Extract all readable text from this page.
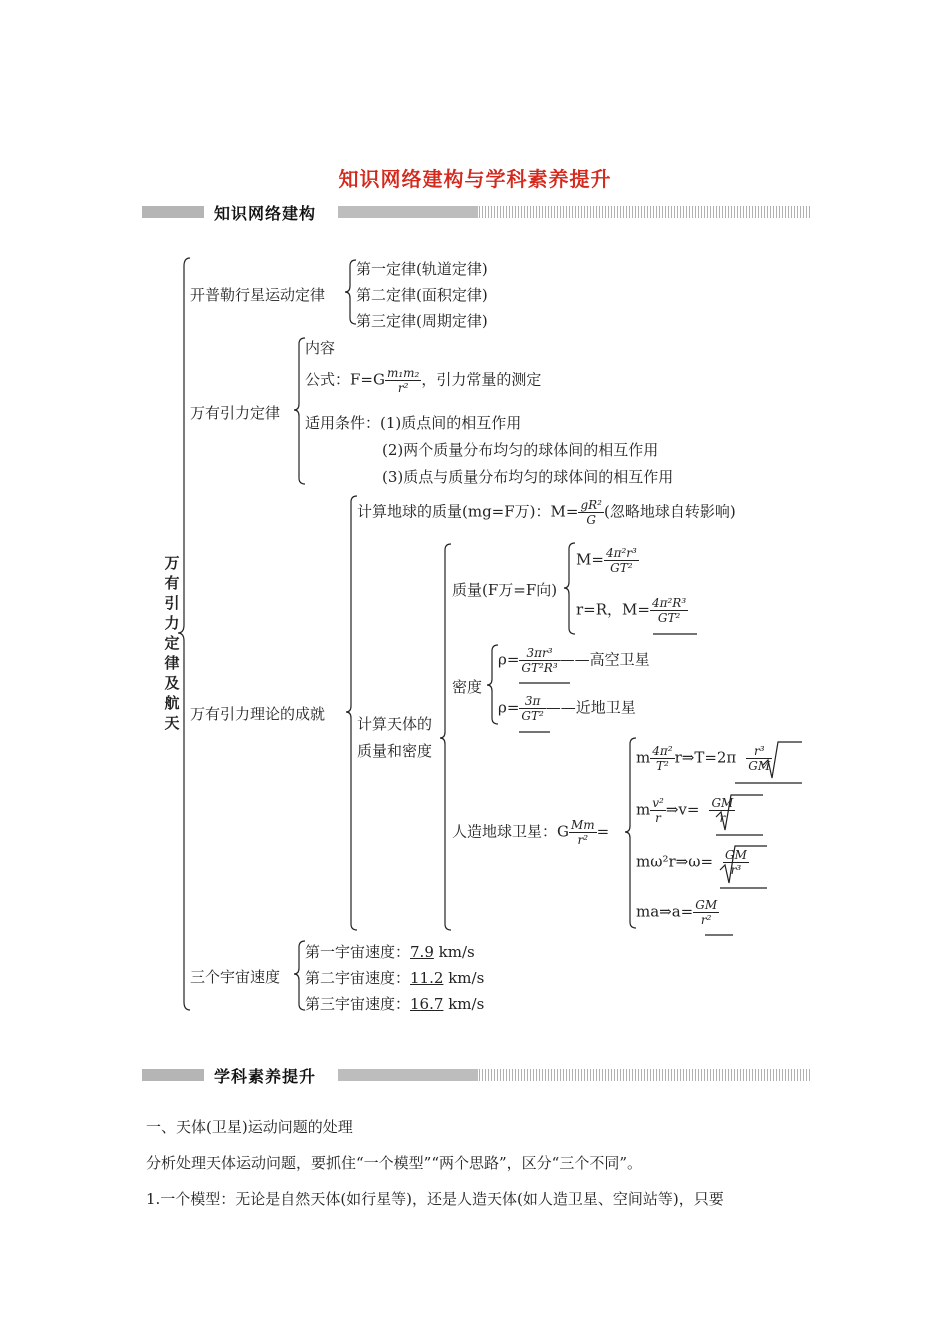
知识网络建构与学科素养提升
知识网络建构
万有引力定律及航天
开普勒行星运动定律
第一定律(轨道定律)
第二定律(面积定律)
第三定律(周期定律)
万有引力定律
内容
公式：$F=G \frac{\text{m₁m₂}}{\text{r²}}$ ，引力常量的测定
适用条件：(1)质点间的相互作用
(2)两个质量分布均匀的球体间的相互作用
(3)质点与质量分布均匀的球体间的相互作用
万有引力理论的成就
计算地球的质量(mg=F万)：$M= \frac{\text{gR²}}{G}$ (忽略地球自转影响)
计算天体的
质量和密度
质量(F万=F向)
$M= \frac{\text{4π²r³}}{\text{GT²}}$
r=R，$M= \frac{\text{4π²R³}}{\text{GT²}}$
密度
$\rho= \frac{\text{3πr³}}{\text{GT²R³}}$ ——高空卫星
$\rho= \frac{3\pi}{\text{GT²}}$ ——近地卫星
人造地球卫星：G $\frac{Mm}{\text{r²}}$ =
m $\frac{\text{4π²}}{\text{T²}}$ r⇒T=2π $\frac{\text{r³}}{GM}$
m $\frac{\text{v²}}{r}$ ⇒v= $\frac{GM}{r}$
mω²r⇒ω= $\frac{GM}{\text{r³}}$
ma⇒a= $\frac{GM}{\text{r²}}$
三个宇宙速度
第一宇宙速度：7.9 km/s
第二宇宙速度：11.2 km/s
第三宇宙速度：16.7 km/s
学科素养提升
一、天体(卫星)运动问题的处理
分析处理天体运动问题，要抓住“一个模型”“两个思路”，区分“三个不同”。
1.一个模型：无论是自然天体(如行星等)，还是人造天体(如人造卫星、空间站等)，只要
